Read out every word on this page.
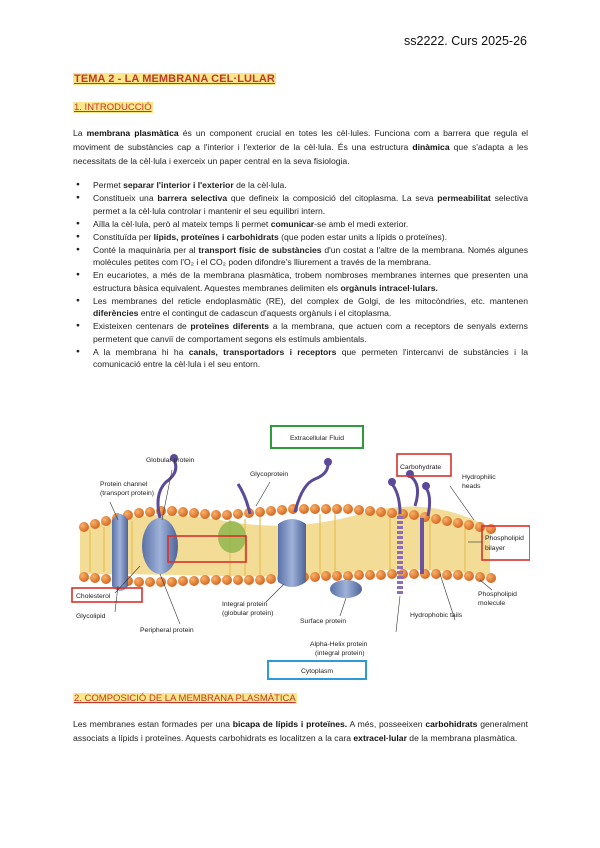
ss2222. Curs 2025-26
TEMA 2 - LA MEMBRANA CEL·LULAR
1. INTRODUCCIÓ
La membrana plasmàtica és un component crucial en totes les cèl·lules. Funciona com a barrera que regula el moviment de substàncies cap a l'interior i l'exterior de la cèl·lula. És una estructura dinàmica que s'adapta a les necessitats de la cèl·lula i exerceix un paper central en la seva fisiologia.
● Permet separar l'interior i l'exterior de la cèl·lula.
● Constitueix una barrera selectiva que defineix la composició del citoplasma. La seva permeabilitat selectiva permet a la cèl·lula controlar i mantenir el seu equilibri intern.
● Aïlla la cèl·lula, però al mateix temps li permet comunicar-se amb el medi exterior.
● Constituïda per lípids, proteïnes i carbohidrats (que poden estar units a lípids o proteïnes).
● Conté la maquinària per al transport físic de substàncies d'un costat a l'altre de la membrana. Només algunes molècules petites com l'O₂ i el CO₂ poden difondre's lliurement a través de la membrana.
● En eucariotes, a més de la membrana plasmàtica, trobem nombroses membranes internes que presenten una estructura bàsica equivalent. Aquestes membranes delimiten els orgànuls intracel·lulars.
● Les membranes del reticle endoplasmàtic (RE), del complex de Golgi, de les mitocòndries, etc. mantenen diferències entre el contingut de cadascun d'aquests orgànuls i el citoplasma.
● Existeixen centenars de proteïnes diferents a la membrana, que actuen com a receptors de senyals externs permetent que canviï de comportament segons els estímuls ambientals.
● A la membrana hi ha canals, transportadors i receptors que permeten l'intercanvi de substàncies i la comunicació entre la cèl·lula i el seu entorn.
Extracellular Fluid
Protein channel
(transport protein)
Globular protein
Glycoprotein
Carbohydrate
Hydrophilic
heads
Phospholipid
bilayer
Cholesterol
Glycolipid
Peripheral protein
Integral protein
(globular protein)
Surface protein
Hydrophobic tails
Phospholipid
molecule
Alpha-Helix protein
(integral protein)
Cytoplasm
2. COMPOSICIÓ DE LA MEMBRANA PLASMÀTICA
Les membranes estan formades per una bicapa de lípids i proteïnes. A més, posseeixen carbohidrats generalment associats a lípids i proteïnes. Aquests carbohidrats es localitzen a la cara extracel·lular de la membrana plasmàtica.
